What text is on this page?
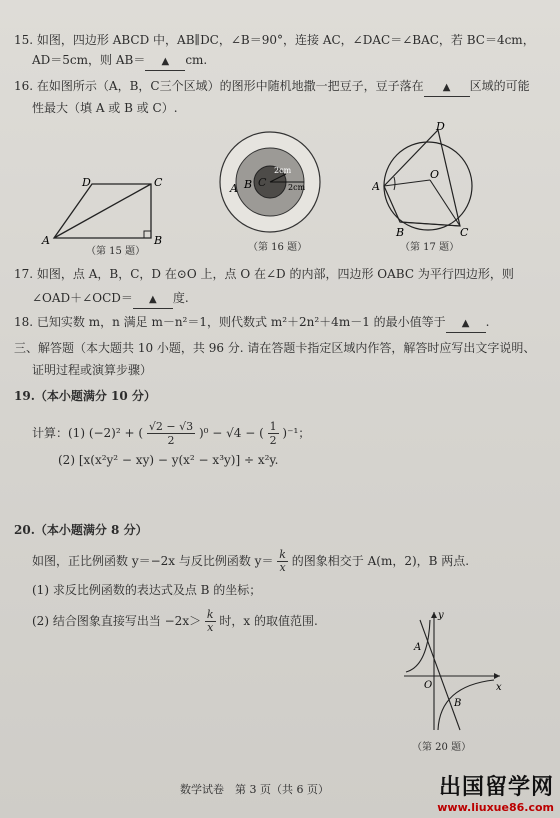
15. 如图，四边形 ABCD 中，AB∥DC，∠B＝90°，连接 AC，∠DAC＝∠BAC，若 BC＝4cm，
AD＝5cm，则 AB＝ ▲ cm.
16. 在如图所示（A，B，C三个区域）的图形中随机地撒一把豆子，豆子落在 ▲ 区域的可能
性最大（填 A 或 B 或 C）.
A	B
C
D
（第 15 题）
A B C
2cm
2cm
（第 16 题）
A
B	C
D
O
（第 17 题）
17. 如图，点 A，B，C，D 在⊙O 上，点 O 在∠D 的内部，四边形 OABC 为平行四边形，则
∠OAD＋∠OCD＝ ▲ 度.
18. 已知实数 m，n 满足 m－n²＝1，则代数式 m²＋2n²＋4m－1 的最小值等于 ▲ .
三、解答题（本大题共 10 小题，共 96 分. 请在答题卡指定区域内作答，解答时应写出文字说明、
证明过程或演算步骤）
19.（本小题满分 10 分）
计算：(1) (−2)² + ( $\frac{√2 - √3}{2} )^0 - √4$ − ( $\frac{1}{2} )^{-1}$；
(2) [x(x²y² − xy) − y(x² − x³y)] ÷ x²y.
20.（本小题满分 8 分）
如图，正比例函数 y＝−2x 与反比例函数 $y= \frac{k}{x}$ 的图象相交于 A(m，2)，B 两点.
(1) 求反比例函数的表达式及点 B 的坐标；
(2) 结合图象直接写出当 $-2x> \frac{k}{x}$ 时，x 的取值范围.	y
x
O
A
B
（第 20 题）
数学试卷　第 3 页（共 6 页）	出国留学网
www.liuxue86.com
